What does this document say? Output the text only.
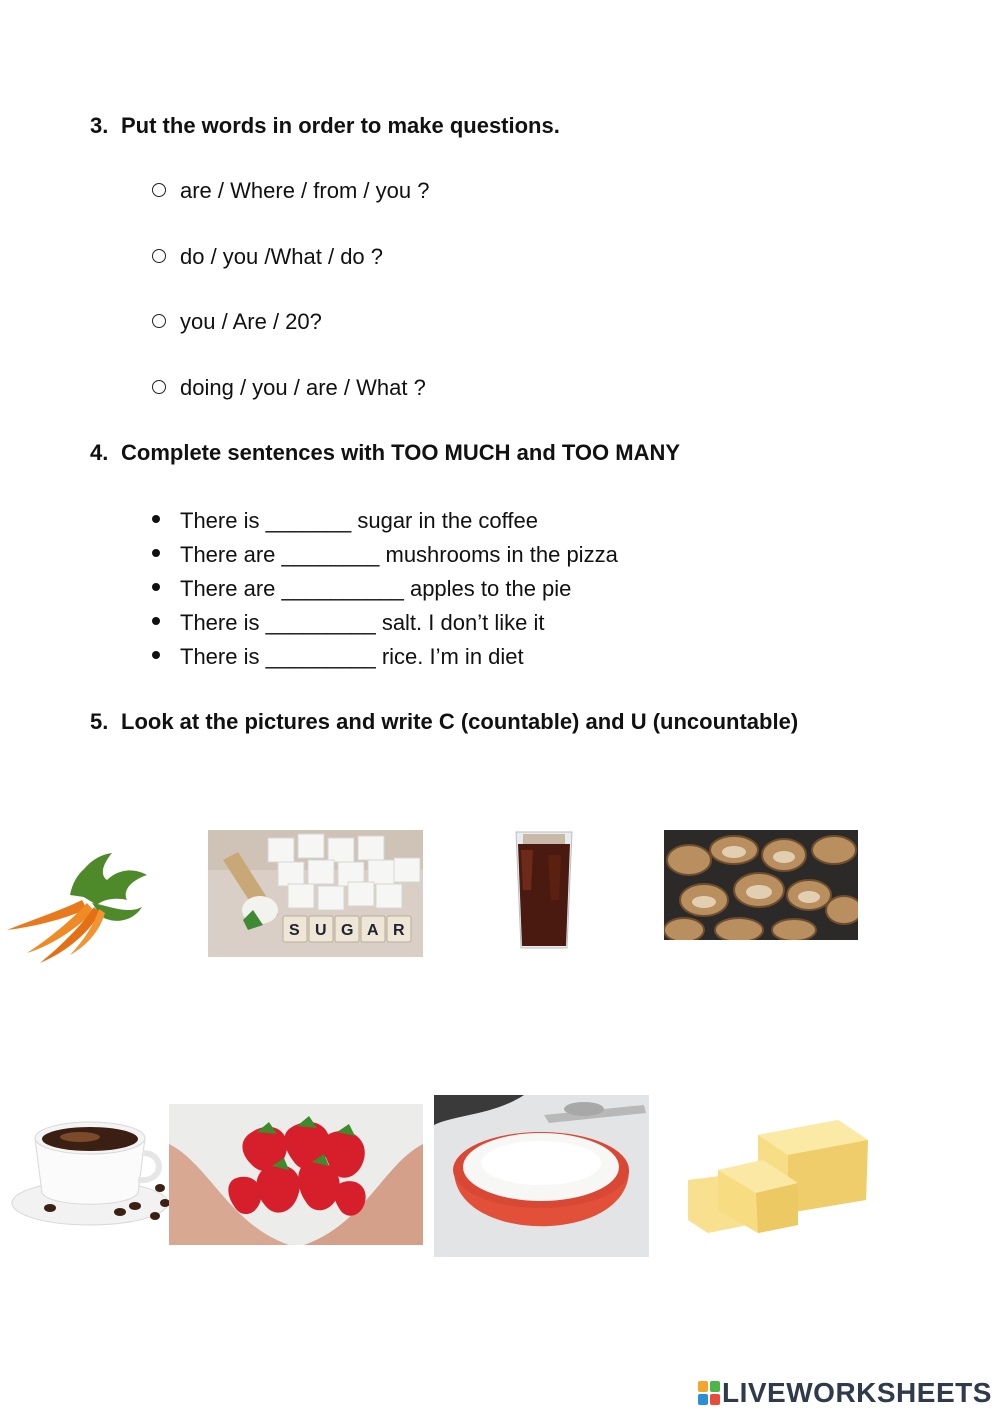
3. Put the words in order to make questions.
are / Where / from / you ?
do / you /What / do ?
you / Are / 20?
doing / you / are / What ?
4. Complete sentences with TOO MUCH and TOO MANY
There is _______ sugar in the coffee
There are ________ mushrooms in the pizza
There are __________ apples to the pie
There is _________ salt. I don’t like it
There is _________ rice. I’m in diet
5. Look at the pictures and write C (countable) and U (uncountable)
S U G A R
LIVEWORKSHEETS
